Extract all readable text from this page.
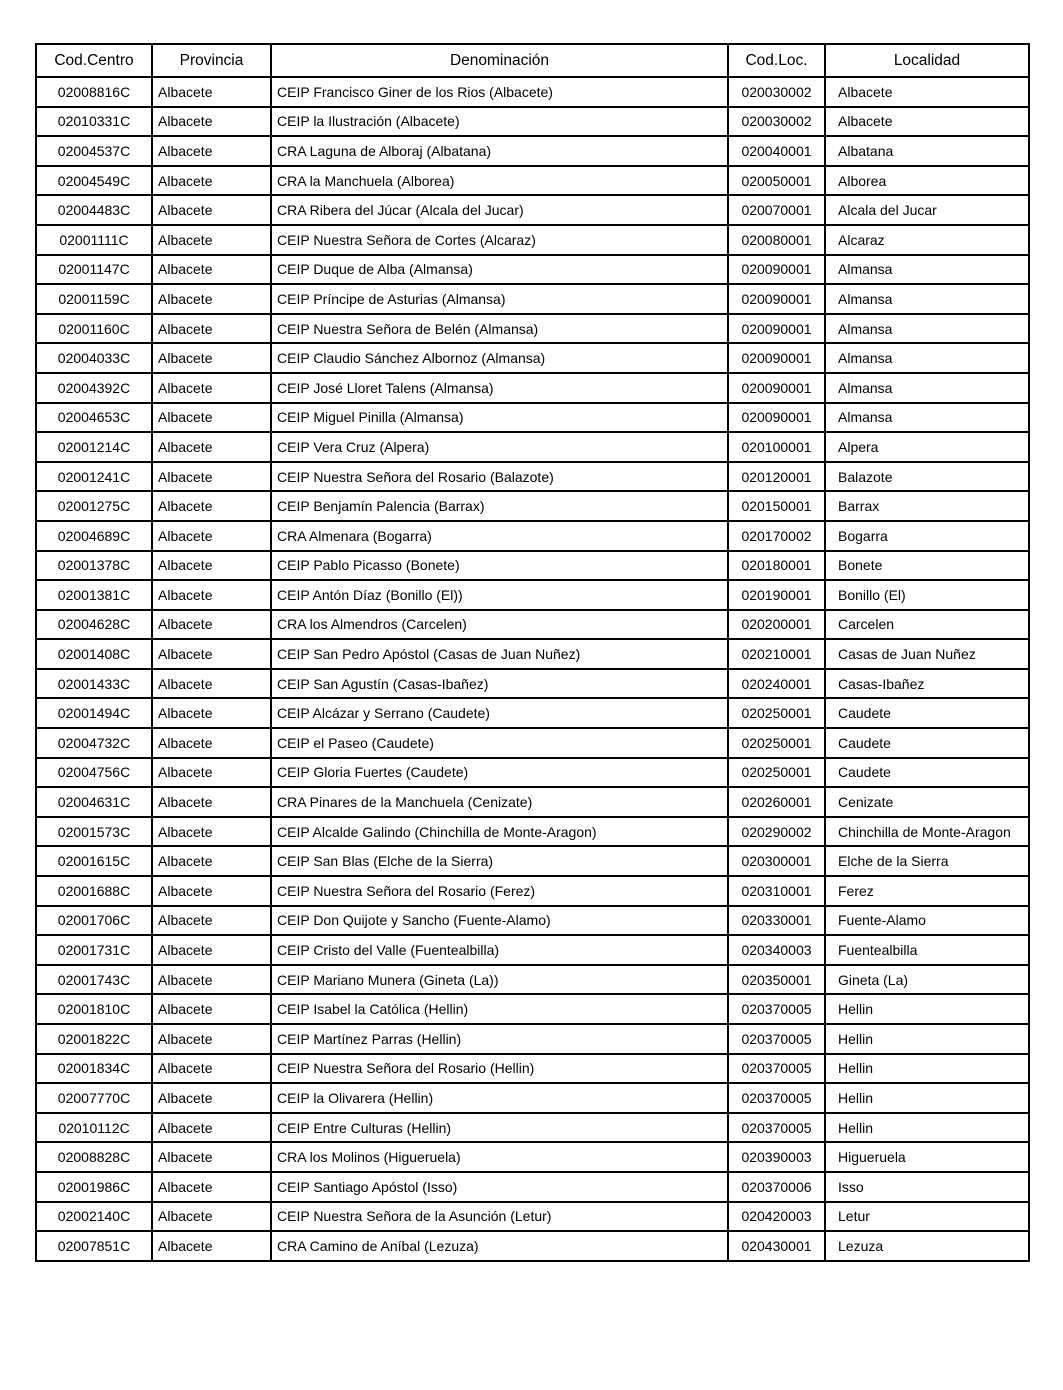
Cod.Centro	Provincia	Denominación	Cod.Loc.	Localidad
02008816C	Albacete	CEIP Francisco Giner de los Rios (Albacete)	020030002	Albacete
02010331C	Albacete	CEIP la Ilustración (Albacete)	020030002	Albacete
02004537C	Albacete	CRA Laguna de Alboraj (Albatana)	020040001	Albatana
02004549C	Albacete	CRA la Manchuela (Alborea)	020050001	Alborea
02004483C	Albacete	CRA Ribera del Júcar (Alcala del Jucar)	020070001	Alcala del Jucar
02001111C	Albacete	CEIP Nuestra Señora de Cortes (Alcaraz)	020080001	Alcaraz
02001147C	Albacete	CEIP Duque de Alba (Almansa)	020090001	Almansa
02001159C	Albacete	CEIP Príncipe de Asturias (Almansa)	020090001	Almansa
02001160C	Albacete	CEIP Nuestra Señora de Belén (Almansa)	020090001	Almansa
02004033C	Albacete	CEIP Claudio Sánchez Albornoz (Almansa)	020090001	Almansa
02004392C	Albacete	CEIP José Lloret Talens (Almansa)	020090001	Almansa
02004653C	Albacete	CEIP Miguel Pinilla (Almansa)	020090001	Almansa
02001214C	Albacete	CEIP Vera Cruz (Alpera)	020100001	Alpera
02001241C	Albacete	CEIP Nuestra Señora del Rosario (Balazote)	020120001	Balazote
02001275C	Albacete	CEIP Benjamín Palencia (Barrax)	020150001	Barrax
02004689C	Albacete	CRA Almenara (Bogarra)	020170002	Bogarra
02001378C	Albacete	CEIP Pablo Picasso (Bonete)	020180001	Bonete
02001381C	Albacete	CEIP Antón Díaz (Bonillo (El))	020190001	Bonillo (El)
02004628C	Albacete	CRA los Almendros (Carcelen)	020200001	Carcelen
02001408C	Albacete	CEIP San Pedro Apóstol (Casas de Juan Nuñez)	020210001	Casas de Juan Nuñez
02001433C	Albacete	CEIP San Agustín (Casas-Ibañez)	020240001	Casas-Ibañez
02001494C	Albacete	CEIP Alcázar y Serrano (Caudete)	020250001	Caudete
02004732C	Albacete	CEIP el Paseo (Caudete)	020250001	Caudete
02004756C	Albacete	CEIP Gloria Fuertes (Caudete)	020250001	Caudete
02004631C	Albacete	CRA Pinares de la Manchuela (Cenizate)	020260001	Cenizate
02001573C	Albacete	CEIP Alcalde Galindo (Chinchilla de Monte-Aragon)	020290002	Chinchilla de Monte-Aragon
02001615C	Albacete	CEIP San Blas (Elche de la Sierra)	020300001	Elche de la Sierra
02001688C	Albacete	CEIP Nuestra Señora del Rosario (Ferez)	020310001	Ferez
02001706C	Albacete	CEIP Don Quijote y Sancho (Fuente-Alamo)	020330001	Fuente-Alamo
02001731C	Albacete	CEIP Cristo del Valle (Fuentealbilla)	020340003	Fuentealbilla
02001743C	Albacete	CEIP Mariano Munera (Gineta (La))	020350001	Gineta (La)
02001810C	Albacete	CEIP Isabel la Católica (Hellin)	020370005	Hellin
02001822C	Albacete	CEIP Martínez Parras (Hellin)	020370005	Hellin
02001834C	Albacete	CEIP Nuestra Señora del Rosario (Hellin)	020370005	Hellin
02007770C	Albacete	CEIP la Olivarera (Hellin)	020370005	Hellin
02010112C	Albacete	CEIP Entre Culturas (Hellin)	020370005	Hellin
02008828C	Albacete	CRA los Molinos (Higueruela)	020390003	Higueruela
02001986C	Albacete	CEIP Santiago Apóstol (Isso)	020370006	Isso
02002140C	Albacete	CEIP Nuestra Señora de la Asunción (Letur)	020420003	Letur
02007851C	Albacete	CRA Camino de Aníbal (Lezuza)	020430001	Lezuza
